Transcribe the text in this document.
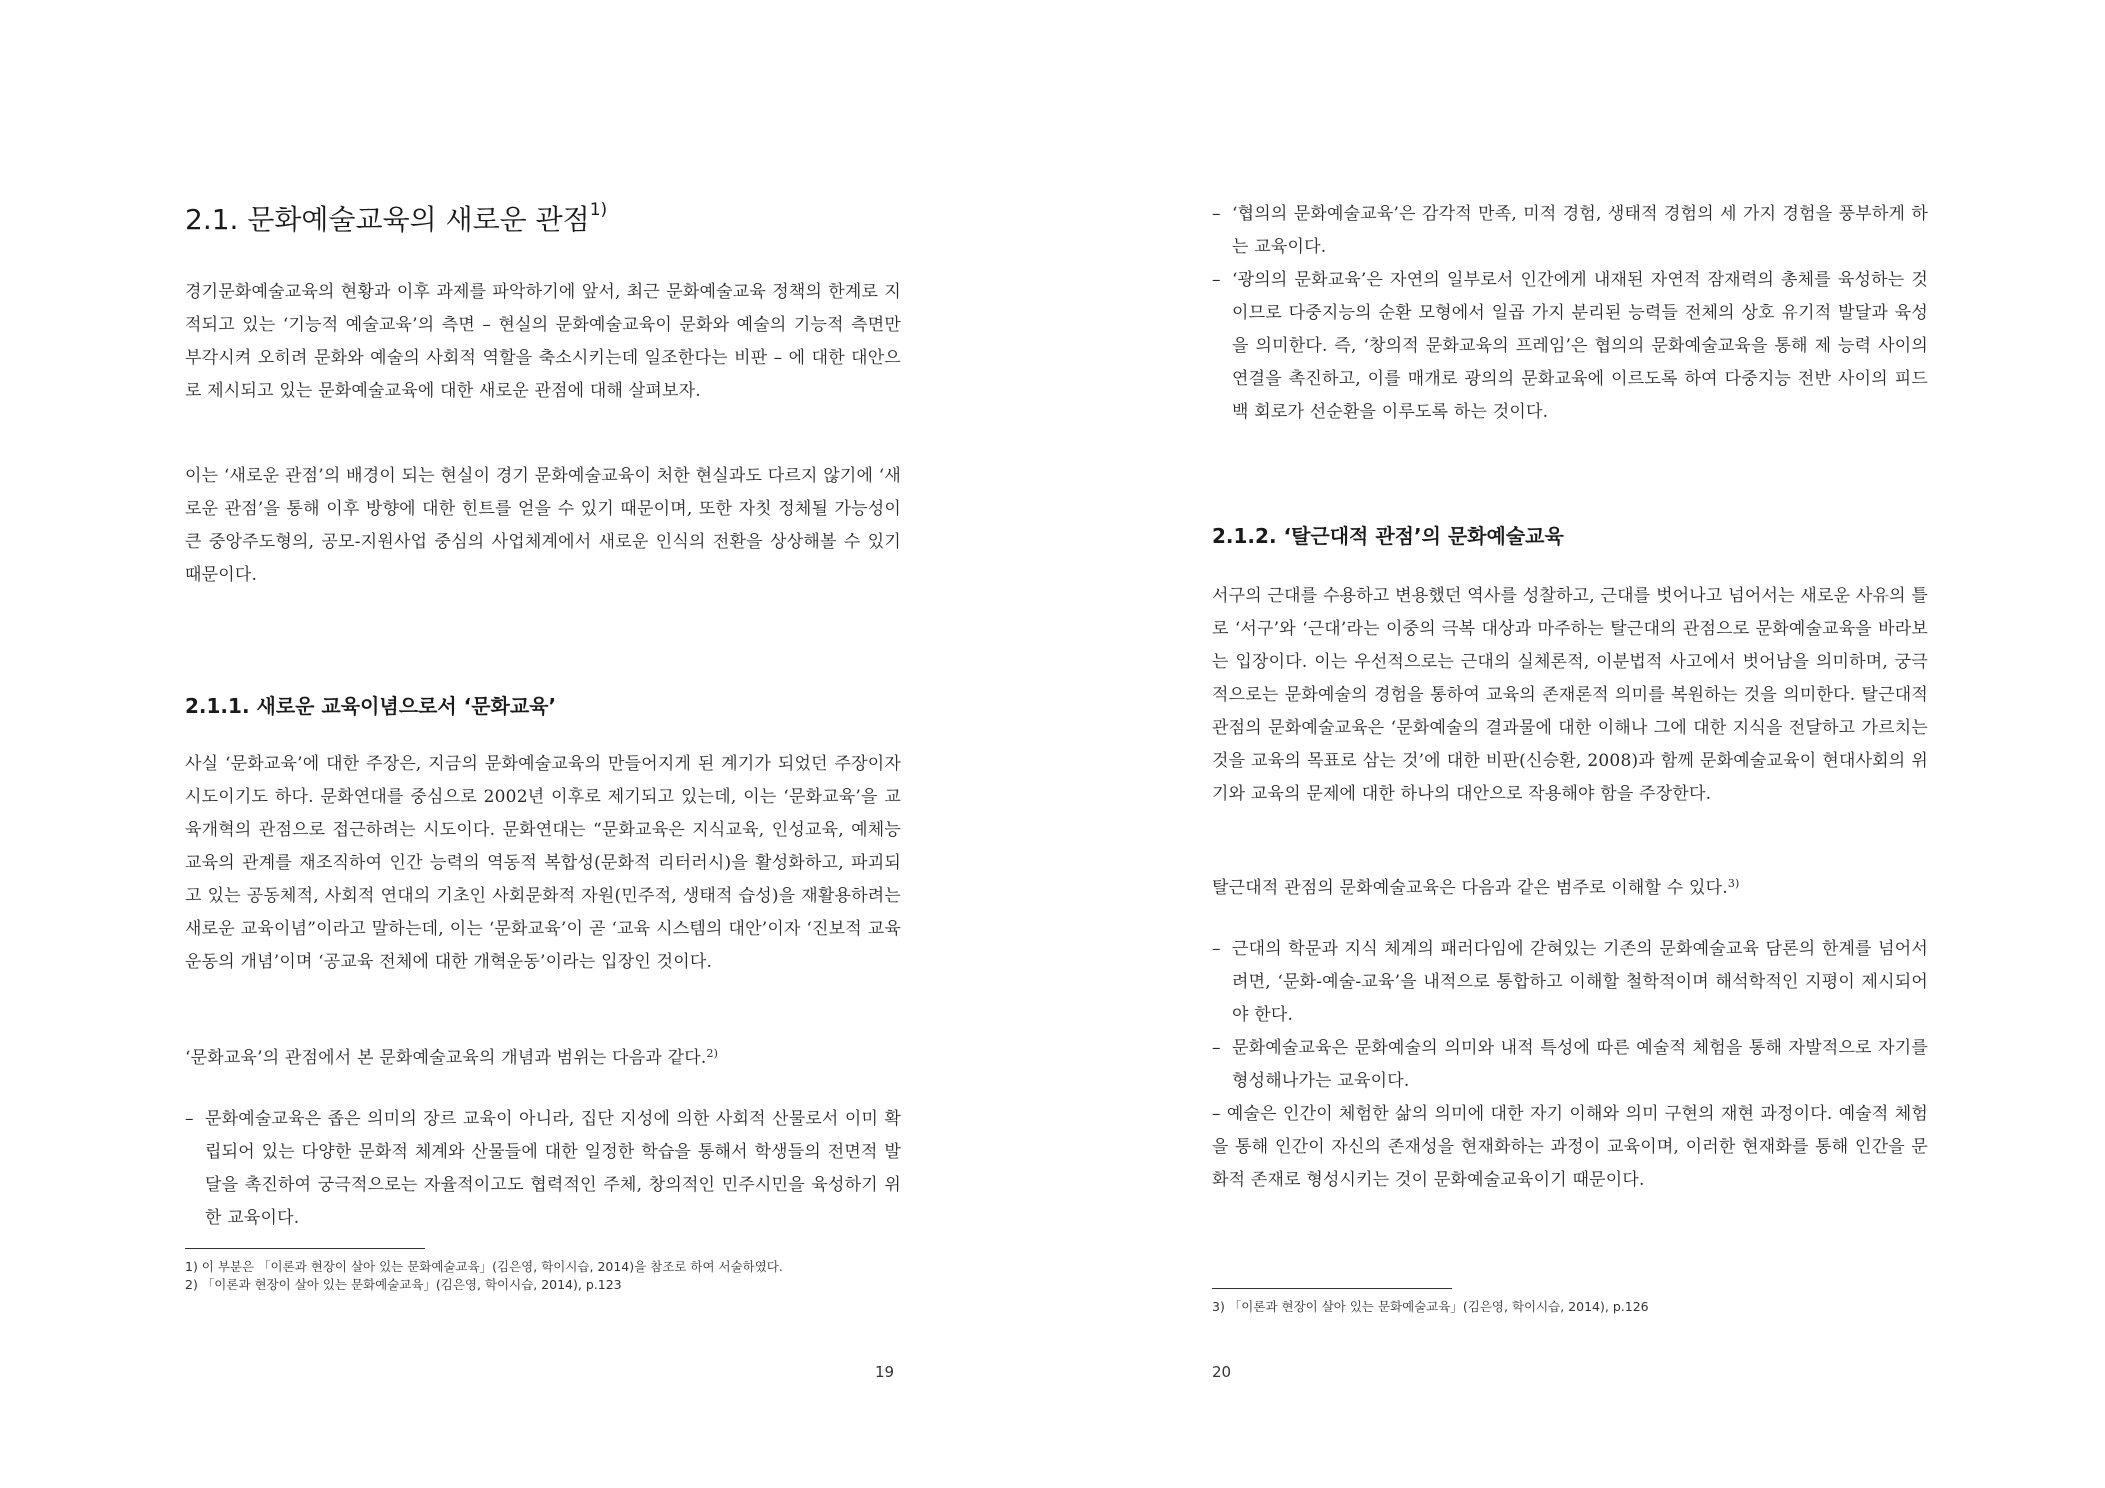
2.1. 문화예술교육의 새로운 관점$^{1)}$

경기문화예술교육의 현황과 이후 과제를 파악하기에 앞서, 최근 문화예술교육 정책의 한계로 지적되고 있는 ‘기능적 예술교육’의 측면 – 현실의 문화예술교육이 문화와 예술의 기능적 측면만 부각시켜 오히려 문화와 예술의 사회적 역할을 축소시키는데 일조한다는 비판 – 에 대한 대안으로 제시되고 있는 문화예술교육에 대한 새로운 관점에 대해 살펴보자.

이는 ‘새로운 관점’의 배경이 되는 현실이 경기 문화예술교육이 처한 현실과도 다르지 않기에 ‘새로운 관점’을 통해 이후 방향에 대한 힌트를 얻을 수 있기 때문이며, 또한 자칫 정체될 가능성이 큰 중앙주도형의, 공모-지원사업 중심의 사업체계에서 새로운 인식의 전환을 상상해볼 수 있기 때문이다.

2.1.1. 새로운 교육이념으로서 ‘문화교육’

사실 ‘문화교육’에 대한 주장은, 지금의 문화예술교육의 만들어지게 된 계기가 되었던 주장이자 시도이기도 하다. 문화연대를 중심으로 2002년 이후로 제기되고 있는데, 이는 ‘문화교육’을 교육개혁의 관점으로 접근하려는 시도이다. 문화연대는 “문화교육은 지식교육, 인성교육, 예체능교육의 관계를 재조직하여 인간 능력의 역동적 복합성(문화적 리터러시)을 활성화하고, 파괴되고 있는 공동체적, 사회적 연대의 기초인 사회문화적 자원(민주적, 생태적 습성)을 재활용하려는 새로운 교육이념”이라고 말하는데, 이는 ‘문화교육’이 곧 ‘교육 시스템의 대안’이자 ‘진보적 교육운동의 개념’이며 ‘공교육 전체에 대한 개혁운동’이라는 입장인 것이다.

‘문화교육’의 관점에서 본 문화예술교육의 개념과 범위는 다음과 같다.$^{2)}$

– 문화예술교육은 좁은 의미의 장르 교육이 아니라, 집단 지성에 의한 사회적 산물로서 이미 확립되어 있는 다양한 문화적 체계와 산물들에 대한 일정한 학습을 통해서 학생들의 전면적 발달을 촉진하여 궁극적으로는 자율적이고도 협력적인 주체, 창의적인 민주시민을 육성하기 위한 교육이다.

1) 이 부분은 「이론과 현장이 살아 있는 문화예술교육」(김은영, 학이시습, 2014)을 참조로 하여 서술하였다.

2) 「이론과 현장이 살아 있는 문화예술교육」(김은영, 학이시습, 2014), p.123

19
– ‘협의의 문화예술교육’은 감각적 만족, 미적 경험, 생태적 경험의 세 가지 경험을 풍부하게 하는 교육이다.
– ‘광의의 문화교육’은 자연의 일부로서 인간에게 내재된 자연적 잠재력의 총체를 육성하는 것이므로 다중지능의 순환 모형에서 일곱 가지 분리된 능력들 전체의 상호 유기적 발달과 육성을 의미한다. 즉, ‘창의적 문화교육의 프레임’은 협의의 문화예술교육을 통해 제 능력 사이의 연결을 촉진하고, 이를 매개로 광의의 문화교육에 이르도록 하여 다중지능 전반 사이의 피드백 회로가 선순환을 이루도록 하는 것이다.
2.1.2. ‘탈근대적 관점’의 문화예술교육

서구의 근대를 수용하고 변용했던 역사를 성찰하고, 근대를 벗어나고 넘어서는 새로운 사유의 틀로 ‘서구’와 ‘근대’라는 이중의 극복 대상과 마주하는 탈근대의 관점으로 문화예술교육을 바라보는 입장이다. 이는 우선적으로는 근대의 실체론적, 이분법적 사고에서 벗어남을 의미하며, 궁극적으로는 문화예술의 경험을 통하여 교육의 존재론적 의미를 복원하는 것을 의미한다. 탈근대적 관점의 문화예술교육은 ‘문화예술의 결과물에 대한 이해나 그에 대한 지식을 전달하고 가르치는 것을 교육의 목표로 삼는 것’에 대한 비판(신승환, 2008)과 함께 문화예술교육이 현대사회의 위기와 교육의 문제에 대한 하나의 대안으로 작용해야 함을 주장한다.

탈근대적 관점의 문화예술교육은 다음과 같은 범주로 이해할 수 있다.$^{3)}$

– 근대의 학문과 지식 체계의 패러다임에 갇혀있는 기존의 문화예술교육 담론의 한계를 넘어서려면, ‘문화-예술-교육’을 내적으로 통합하고 이해할 철학적이며 해석학적인 지평이 제시되어야 한다.
– 문화예술교육은 문화예술의 의미와 내적 특성에 따른 예술적 체험을 통해 자발적으로 자기를 형성해나가는 교육이다.

– 예술은 인간이 체험한 삶의 의미에 대한 자기 이해와 의미 구현의 재현 과정이다. 예술적 체험을 통해 인간이 자신의 존재성을 현재화하는 과정이 교육이며, 이러한 현재화를 통해 인간을 문화적 존재로 형성시키는 것이 문화예술교육이기 때문이다.

3) 「이론과 현장이 살아 있는 문화예술교육」(김은영, 학이시습, 2014), p.126

20
